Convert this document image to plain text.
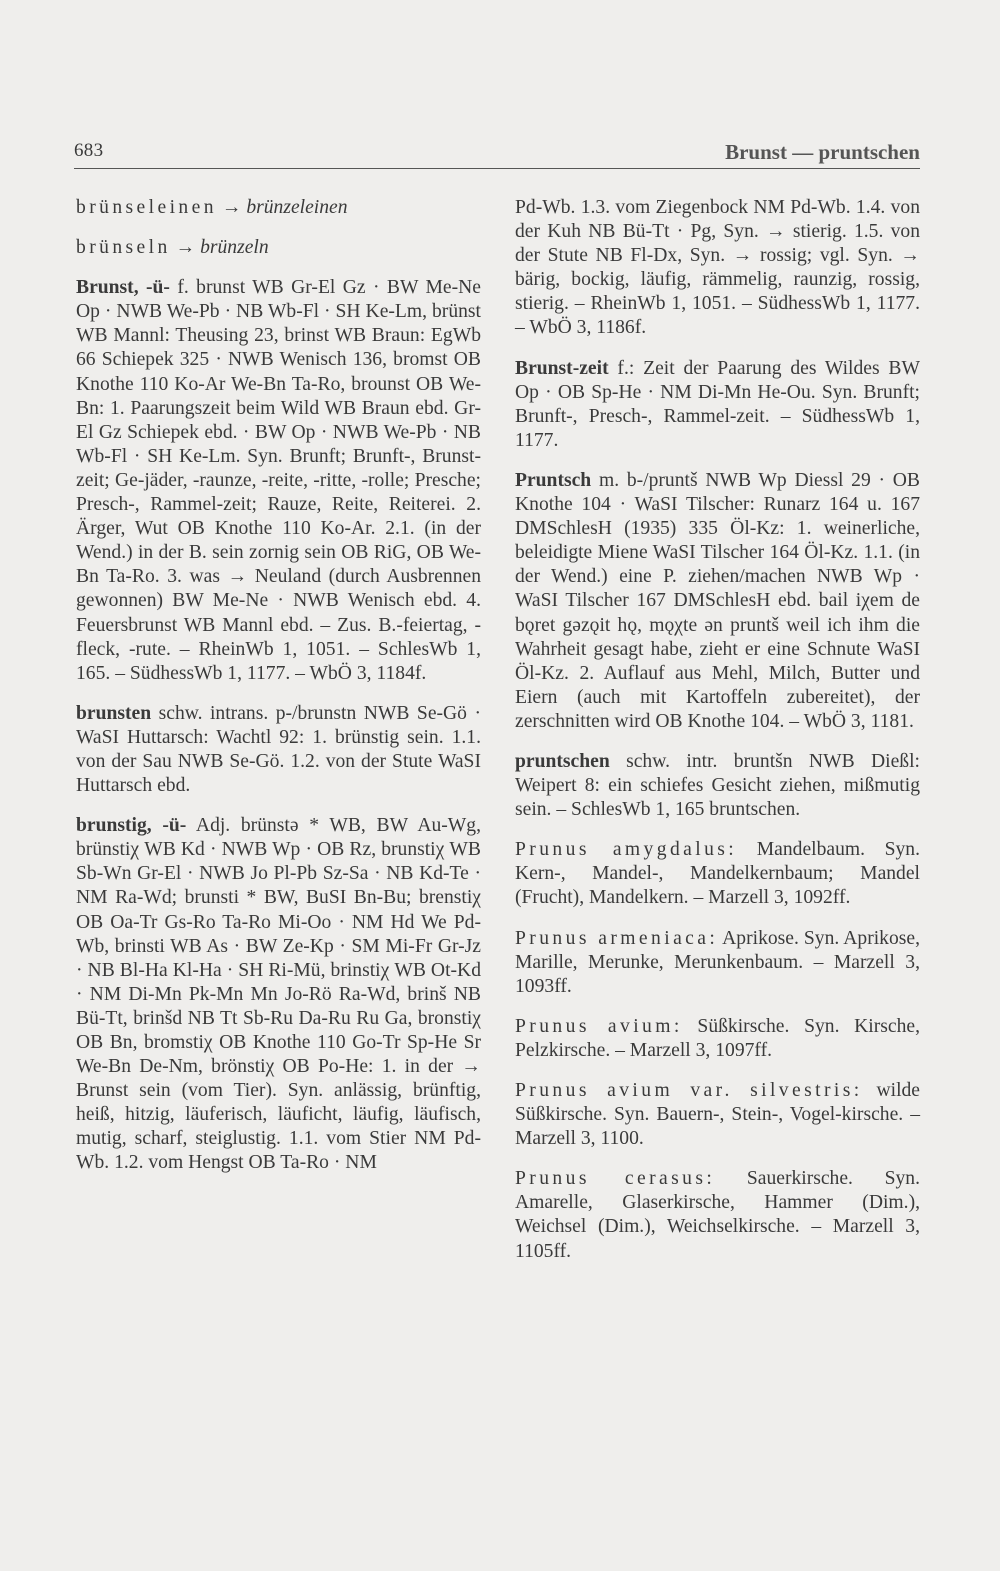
683	Brunst — pruntschen

brünseleinen → brünzeleinen

brünseln → brünzeln

Brunst, -ü- f. brunst WB Gr-El Gz · BW Me-Ne Op · NWB We-Pb · NB Wb-Fl · SH Ke-Lm, brünst WB Mannl: Theusing 23, brinst WB Braun: EgWb 66 Schiepek 325 · NWB Wenisch 136, bromst OB Knothe 110 Ko-Ar We-Bn Ta-Ro, brounst OB We-Bn: 1. Paarungszeit beim Wild WB Braun ebd. Gr-El Gz Schiepek ebd. · BW Op · NWB We-Pb · NB Wb-Fl · SH Ke-Lm. Syn. Brunft; Brunft-, Brunst-zeit; Ge-jäder, -raunze, -reite, -ritte, -rolle; Presche; Presch-, Rammel-zeit; Rauze, Reite, Reiterei. 2. Ärger, Wut OB Knothe 110 Ko-Ar. 2.1. (in der Wend.) in der B. sein zornig sein OB RiG, OB We-Bn Ta-Ro. 3. was → Neuland (durch Ausbrennen gewonnen) BW Me-Ne · NWB Wenisch ebd. 4. Feuersbrunst WB Mannl ebd. – Zus. B.-feiertag, -fleck, -rute. – RheinWb 1, 1051. – SchlesWb 1, 165. – SüdhessWb 1, 1177. – WbÖ 3, 1184f.

brunsten schw. intrans. p-/brunstn NWB Se-Gö · WaSI Huttarsch: Wachtl 92: 1. brünstig sein. 1.1. von der Sau NWB Se-Gö. 1.2. von der Stute WaSI Huttarsch ebd.

brunstig, -ü- Adj. brünstə * WB, BW Au-Wg, brünstiχ WB Kd · NWB Wp · OB Rz, brunstiχ WB Sb-Wn Gr-El · NWB Jo Pl-Pb Sz-Sa · NB Kd-Te · NM Ra-Wd; brunsti * BW, BuSI Bn-Bu; brenstiχ OB Oa-Tr Gs-Ro Ta-Ro Mi-Oo · NM Hd We Pd-Wb, brinsti WB As · BW Ze-Kp · SM Mi-Fr Gr-Jz · NB Bl-Ha Kl-Ha · SH Ri-Mü, brinstiχ WB Ot-Kd · NM Di-Mn Pk-Mn Mn Jo-Rö Ra-Wd, brinš NB Bü-Tt, brinšd NB Tt Sb-Ru Da-Ru Ru Ga, bronstiχ OB Bn, bromstiχ OB Knothe 110 Go-Tr Sp-He Sr We-Bn De-Nm, brönstiχ OB Po-He: 1. in der → Brunst sein (vom Tier). Syn. anlässig, brünftig, heiß, hitzig, läuferisch, läuficht, läufig, läufisch, mutig, scharf, steiglustig. 1.1. vom Stier NM Pd-Wb. 1.2. vom Hengst OB Ta-Ro · NM

Pd-Wb. 1.3. vom Ziegenbock NM Pd-Wb. 1.4. von der Kuh NB Bü-Tt · Pg, Syn. → stierig. 1.5. von der Stute NB Fl-Dx, Syn. → rossig; vgl. Syn. → bärig, bockig, läufig, rämmelig, raunzig, rossig, stierig. – RheinWb 1, 1051. – SüdhessWb 1, 1177. – WbÖ 3, 1186f.

Brunst-zeit f.: Zeit der Paarung des Wildes BW Op · OB Sp-He · NM Di-Mn He-Ou. Syn. Brunft; Brunft-, Presch-, Rammel-zeit. – SüdhessWb 1, 1177.

Pruntsch m. b-/pruntš NWB Wp Diessl 29 · OB Knothe 104 · WaSI Tilscher: Runarz 164 u. 167 DMSchlesH (1935) 335 Öl-Kz: 1. weinerliche, beleidigte Miene WaSI Tilscher 164 Öl-Kz. 1.1. (in der Wend.) eine P. ziehen/machen NWB Wp · WaSI Tilscher 167 DMSchlesH ebd. bail iχem de bǫret gəzǫit hǫ, mǫχte ən pruntš weil ich ihm die Wahrheit gesagt habe, zieht er eine Schnute WaSI Öl-Kz. 2. Auflauf aus Mehl, Milch, Butter und Eiern (auch mit Kartoffeln zubereitet), der zerschnitten wird OB Knothe 104. – WbÖ 3, 1181.

pruntschen schw. intr. bruntšn NWB Dießl: Weipert 8: ein schiefes Gesicht ziehen, mißmutig sein. – SchlesWb 1, 165 bruntschen.

Prunus amygdalus: Mandelbaum. Syn. Kern-, Mandel-, Mandelkernbaum; Mandel (Frucht), Mandelkern. – Marzell 3, 1092ff.

Prunus armeniaca: Aprikose. Syn. Aprikose, Marille, Merunke, Merunkenbaum. – Marzell 3, 1093ff.

Prunus avium: Süßkirsche. Syn. Kirsche, Pelzkirsche. – Marzell 3, 1097ff.

Prunus avium var. silvestris: wilde Süßkirsche. Syn. Bauern-, Stein-, Vogel-kirsche. – Marzell 3, 1100.

Prunus cerasus: Sauerkirsche. Syn. Amarelle, Glaserkirsche, Hammer (Dim.), Weichsel (Dim.), Weichselkirsche. – Marzell 3, 1105ff.
